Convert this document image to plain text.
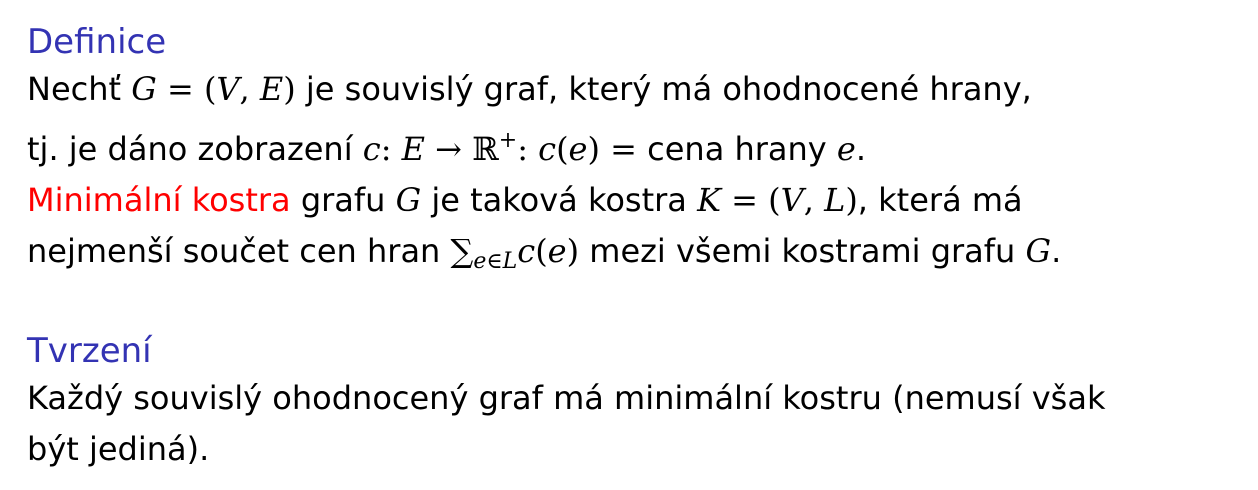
Definice
Nechť G = (V, E) je souvislý graf, který má ohodnocené hrany,
tj. je dáno zobrazení c: E → ℝ+: c(e) = cena hrany e.
Minimální kostra grafu G je taková kostra K = (V, L), která má
nejmenší součet cen hran $\sum_{e\in L}c(e)$ mezi všemi kostrami grafu G.
Tvrzení
Každý souvislý ohodnocený graf má minimální kostru (nemusí však
být jediná).
